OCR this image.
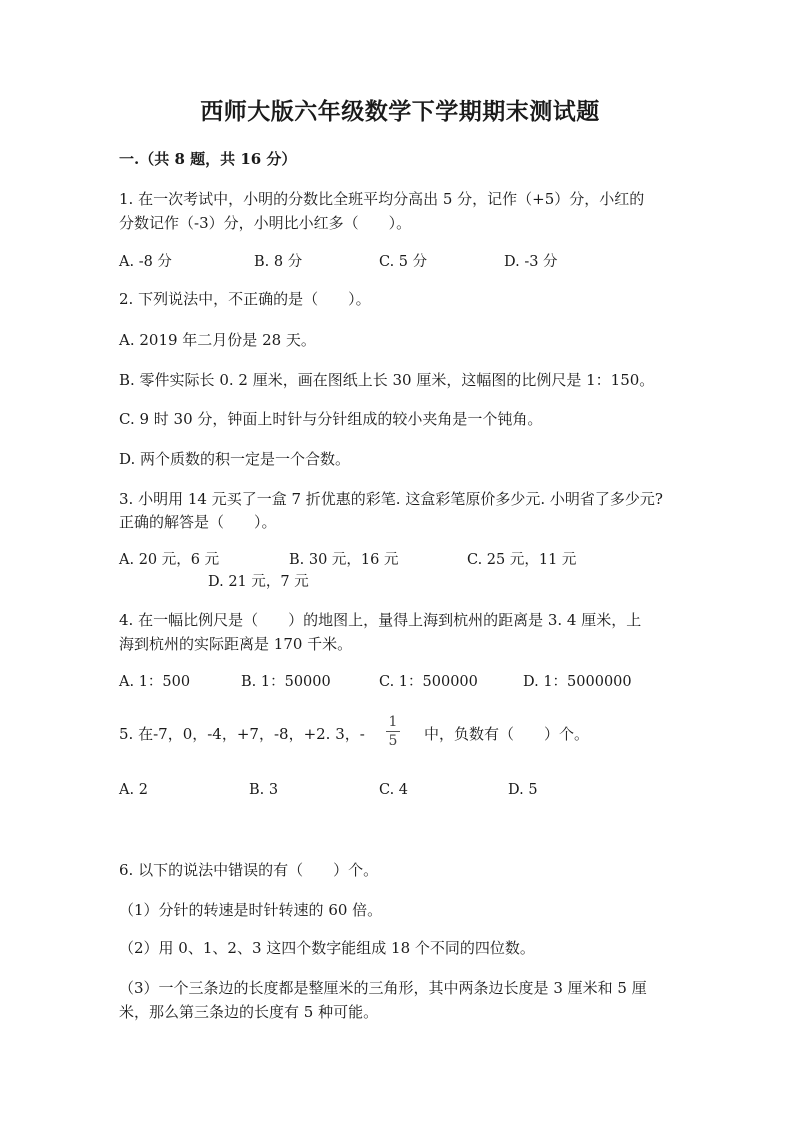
西师大版六年级数学下学期期末测试题
一.（共 8 题，共 16 分）
1. 在一次考试中，小明的分数比全班平均分高出 5 分，记作（+5）分，小红的
分数记作（-3）分，小明比小红多（　　）。
A. -8 分	B. 8 分	C. 5 分	D. -3 分
2. 下列说法中，不正确的是（　　）。
A. 2019 年二月份是 28 天。
B. 零件实际长 0. 2 厘米，画在图纸上长 30 厘米，这幅图的比例尺是 1：150。
C. 9 时 30 分，钟面上时针与分针组成的较小夹角是一个钝角。
D. 两个质数的积一定是一个合数。
3. 小明用 14 元买了一盒 7 折优惠的彩笔. 这盒彩笔原价多少元. 小明省了多少元?
正确的解答是（　　）。
A. 20 元，6 元	B. 30 元，16 元	C. 25 元，11 元
D. 21 元，7 元
4. 在一幅比例尺是（　　）的地图上，量得上海到杭州的距离是 3. 4 厘米，上
海到杭州的实际距离是 170 千米。
A. 1：500	B. 1：50000	C. 1：500000	D. 1：5000000
5. 在-7，0，-4，+7，-8，+2. 3，-
1
5	中，负数有（　　）个。
A. 2	B. 3	C. 4	D. 5
6. 以下的说法中错误的有（　　）个。
（1）分针的转速是时针转速的 60 倍。
（2）用 0、1、2、3 这四个数字能组成 18 个不同的四位数。
（3）一个三条边的长度都是整厘米的三角形，其中两条边长度是 3 厘米和 5 厘
米，那么第三条边的长度有 5 种可能。
